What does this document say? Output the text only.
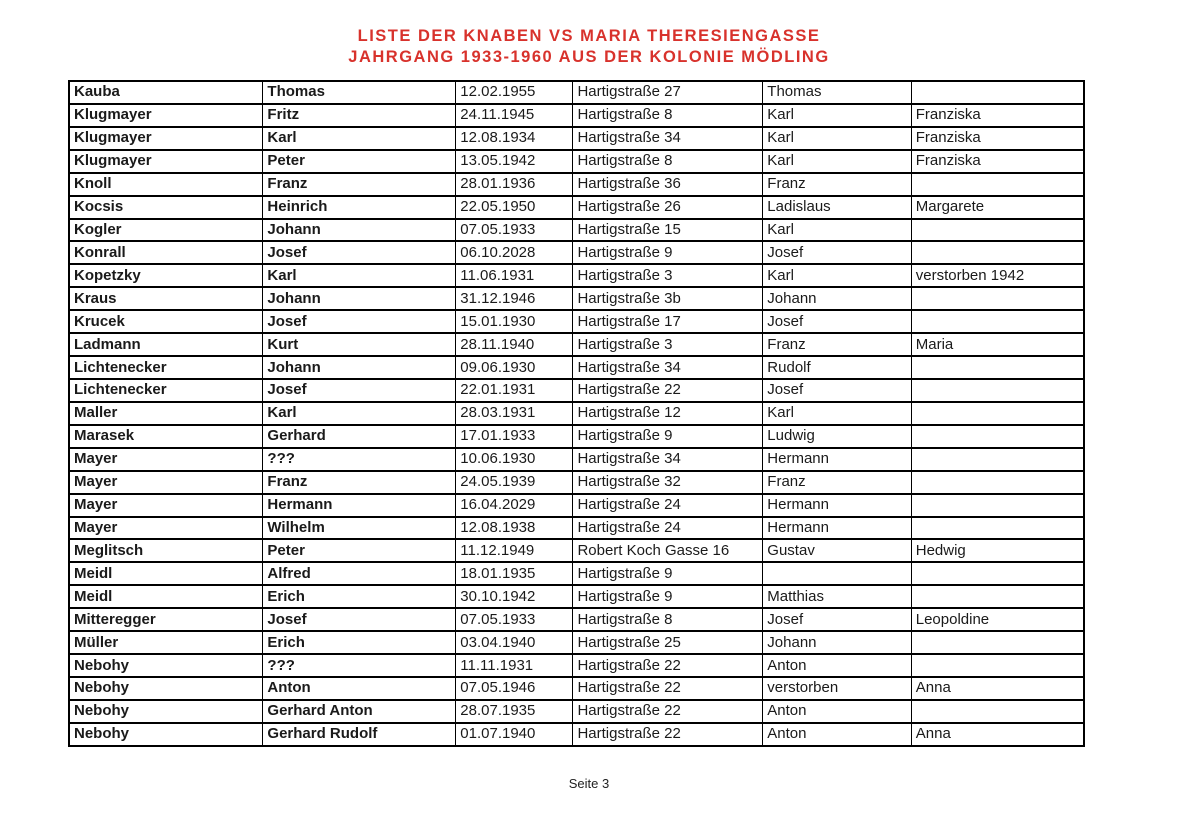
LISTE DER KNABEN VS MARIA THERESIENGASSE
JAHRGANG 1933-1960 AUS DER KOLONIE MÖDLING
Kauba	Thomas	12.02.1955	Hartigstraße 27	Thomas	
Klugmayer	Fritz	24.11.1945	Hartigstraße 8	Karl	Franziska
Klugmayer	Karl	12.08.1934	Hartigstraße 34	Karl	Franziska
Klugmayer	Peter	13.05.1942	Hartigstraße 8	Karl	Franziska
Knoll	Franz	28.01.1936	Hartigstraße 36	Franz	
Kocsis	Heinrich	22.05.1950	Hartigstraße 26	Ladislaus	Margarete
Kogler	Johann	07.05.1933	Hartigstraße 15	Karl	
Konrall	Josef	06.10.2028	Hartigstraße 9	Josef	
Kopetzky	Karl	11.06.1931	Hartigstraße 3	Karl	verstorben 1942
Kraus	Johann	31.12.1946	Hartigstraße 3b	Johann	
Krucek	Josef	15.01.1930	Hartigstraße 17	Josef	
Ladmann	Kurt	28.11.1940	Hartigstraße 3	Franz	Maria
Lichtenecker	Johann	09.06.1930	Hartigstraße 34	Rudolf	
Lichtenecker	Josef	22.01.1931	Hartigstraße 22	Josef	
Maller	Karl	28.03.1931	Hartigstraße 12	Karl	
Marasek	Gerhard	17.01.1933	Hartigstraße 9	Ludwig	
Mayer	???	10.06.1930	Hartigstraße 34	Hermann	
Mayer	Franz	24.05.1939	Hartigstraße 32	Franz	
Mayer	Hermann	16.04.2029	Hartigstraße 24	Hermann	
Mayer	Wilhelm	12.08.1938	Hartigstraße 24	Hermann	
Meglitsch	Peter	11.12.1949	Robert Koch Gasse 16	Gustav	Hedwig
Meidl	Alfred	18.01.1935	Hartigstraße 9		
Meidl	Erich	30.10.1942	Hartigstraße 9	Matthias	
Mitteregger	Josef	07.05.1933	Hartigstraße 8	Josef	Leopoldine
Müller	Erich	03.04.1940	Hartigstraße 25	Johann	
Nebohy	???	11.11.1931	Hartigstraße 22	Anton	
Nebohy	Anton	07.05.1946	Hartigstraße 22	verstorben	Anna
Nebohy	Gerhard Anton	28.07.1935	Hartigstraße 22	Anton	
Nebohy	Gerhard Rudolf	01.07.1940	Hartigstraße 22	Anton	Anna
Seite 3
